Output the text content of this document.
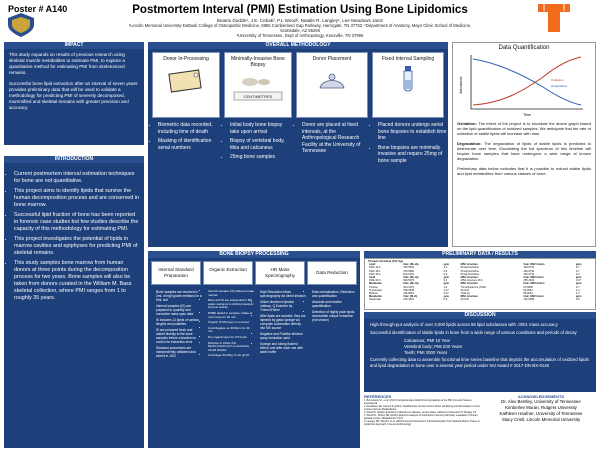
Poster # A140	Postmortem Interval (PMI) Estimation Using Bone Lipidomics
Beatrix Dudzik¹, J.E. Cebak², P.L Wood², Natalie R. Langley¹, Lee Meadows Jantz
¹Lincoln Memorial University-DeBusk College of Osteopathic Medicine, 6965 Cumberland Gap Parkway, Harrogate, TN 37752; ²Department of Anatomy, Mayo Clinic School of Medicine, Scottsdale, AZ 85259
³University of Tennessee, Dept of Anthropology, Knoxville, TN 37996
IMPACT
This study expands on results of previous research using skeletal muscle metabolites to estimate PMI, to explore a quantitative method for estimating PMI from skeletonized remains.
Successful bone lipid extraction after an interval of seven years provides preliminary data that will be used to validate a methodology for predicting PMI of severely decomposed, mummified and skeletal remains with greater precision and accuracy.
INTRODUCTION
• Current postmortem interval estimation techniques for bone are not quantitative.
• This project aims to identify lipids that survive the human decomposition process and are conserved in bone marrow.
• Successful lipid fraction of bone has been reported in forensic case studies but few studies describe the capacity of this methodology for estimating PMI.
• This project investigates the potential of lipids in marrow cavities and epiphyses for predicting PMI of skeletal remains.
• This study samples bone marrow from human donors at three points during the decomposition process for two years. Bone samples will also be taken from donors curated in the William M. Bass skeletal collection, where PMI ranges from 1 to roughly 35 years.
OVERALL METHODOLOGY
Donor In-Processing	Minimally-Invasive Bone Biopsy
CENTIMETRES
Donor Placement	Fixed Interval Sampling
• Biometric data recorded, including time of death
• Masking of identification serial numbers
• Initial body bone biopsy take upon arrival
• Biopsy of vertebral body, tibia and calcaneus
• 25mg bone samples
• Donor are placed at fixed intervals, at the Anthropological Research Facility at the University of Tennessee
• Placed donors undergo serial bone biopsies to establish time line
• Bone biopsies are minimally invasive and require 25mg of bone sample
Data Quantification
Abundance
Time
Oxidation
Degradation
Oxidation: The intent of the project is to elucidate the above graph based on the lipid quantification of oxidized samples. We anticipate that the rate of oxidation of stable lipids will increase with time.
Degradation: The degradation of lipids of stable lipids is predicted to deteriorate over time. Elucidating the full spectrum of this timeline will require bone samples that have undergone a wide range of known degradation.
Preliminary data below indicates that it is possible to extract stable lipids and lipid metabolites from various classes of bone.
BONE BIOPSY PROCESSING
Internal Standard Preparation
Organic Extraction	HR Mass Spectrography
Data Reduction
• Bone samples are received in 2mL of high grade methanol in a 5mL vial
• Internal samples (IS) are prepared to quantify and normalize mass spec data
• IS includes 12 lipids of various lengths and polarities
• IS are prepared fresh and added directly to the bone samples before extraction to control for extraction error
• Standard procedures are independently validated and stored in -80C
• Internal samples (IS) added to bone marrow
• Bone and IS are suspended in MS grade methanol to inhibit proteolytic enzyme activity
• MTBE added to samples; shake at room temp for 30 min
• Organic (TOP) layer is removed
• Centrifugation at 4000rpm for 30 min
• Dry organic layer for 3.5 hours
• Dissolve in 150uL IPA: MeOH:CHCl3 (4:2:1) containing 15mM NH4AC
• Centrifuge 30,000g, 5 min @ RT
• High Resolution Mass spectrography via direct infusion
• Utilize direction injection orbitrap, Q Exactive by ThermoFisher
• After lipids are isolated, they are injected by glass syringe via computer automation directly into MS source
• Negative and Positive electron spray ionization used
• Syringe and tubing flushed before and after each use with wash buffer
• Data normalization, Reduction and quantification
• Absolute and relative quantification
• Detection of highly polar lipids necessitate unique extraction (not shown)
PRELIMINARY DATA / RESULTS
Thoracic Vertebrae (150 mg)
Lipid	Calc. [M+H]+	ppm	MS2 structure	Calc. MS2 Cation	ppm
PtdC 34:0	736.5004	1.0	Phosphocholine	184.0733	0.7
PtdC 36:1	760.5860	0.6	Phosphocholine	184.0733	0.7
PtdC 36:2	814.6202	0.6	Phosphocholine	184.0733	0.3
Lipid	Calc. [M+H]+	ppm	MS2 structure	Calc. MS2 Anion	ppm
PtdE 32:0	690.5078	0.3	MS2 structure 16:0	255.2320	0.27
Metabolite	Calc. [M+H]+	ppm	MS2 structure	Calc. MS2 Cation	ppm
Choline	104.1070	1.6	Trimethylamine (TMA)	60.0808	0.7
Tryptophan	138.0548	1.07	M-CO2	94.0651	1.4
Betaine	118.0863	0.07	TMA-15	58.0651	1.2
Metabolite	Calc. [M-H]-	ppm	MS2 structure	Calc. MS2 Anion	ppm
Glutamate	146.4632	0.5	M-CO2	102.0555	0.8
DISCUSSION
• High through-put analysis of over 3,000 lipids across 56 lipid subclasses with .0001 mass accuracy
• Successful identification of stable lipids in bone from a wide range of various conditions and periods of decay
Calcaneus; PMI 10 Year
Vertebral body; PMI 200 Years
Teeth; PMI 2000 Years
• Currently collecting data to assemble functional time series baseline that depicts the accumulation of oxidized lipids and lipid degradation in bone over a several year period under NIJ Award # 2017-DN-BX-0146
REFERENCES
1. Bornemann M., et al. (2014) Comprehensive Multi-Omics Approaches to the PMI. Forensic Science International
2. Donaldson AE, Lamont IL (2014). Metabolomics of post-mortem blood: identifying potential markers of post-mortem interval. Metabolomics
3. Wood PL (2012) Lipidomics of Alzheimer's disease: current status. Alzheimer's Research & Therapy 4:5
4. Wood PL, Shirley NR (2013) Lipidomics analysis of postmortem interval: preliminary evaluation of human skeletal muscle. Metabolomics 3:127
5. Langley NR, Wood P, et al. (2019) Forensic Postmortem Interval Estimation from Skeletal Muscle Tissue: A Lipidomics Approach. Forensic Anthropology
ACKNOWLEDGEMENTS
Dr. Alex Bentley, University of Tennessee
Kimberlee Moran, Rutgers University
Kathleen Haufner, University of Tennessee
Stacy Criell, Lincoln Memorial University
